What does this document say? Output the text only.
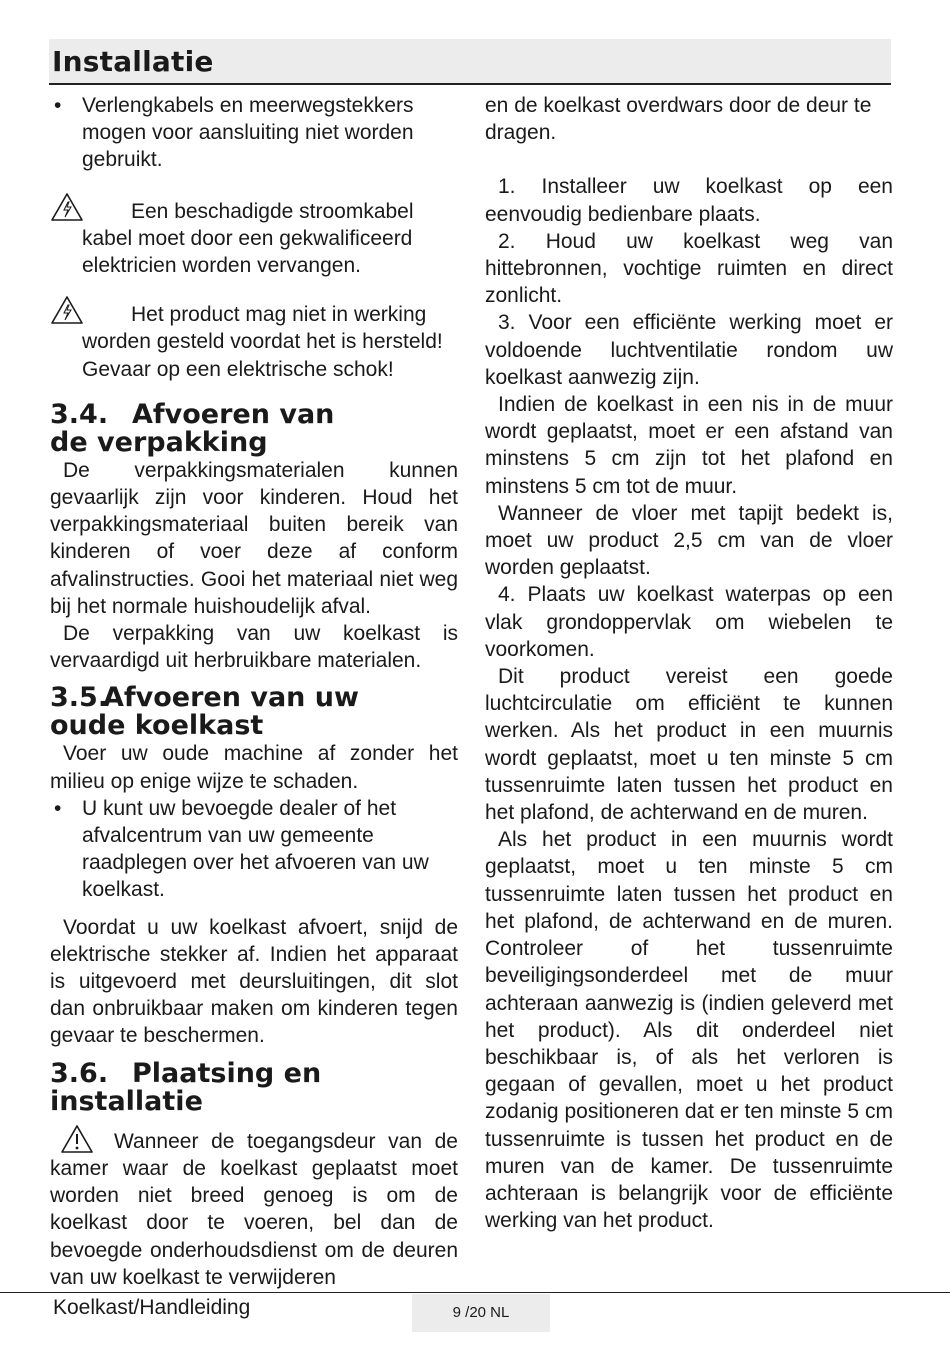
Installatie
• Verlengkabels en meerwegstekkers mogen voor aansluiting niet worden gebruikt.
Een beschadigde stroomkabel kabel moet door een gekwalificeerd elektricien worden vervangen.
Het product mag niet in werking worden gesteld voordat het is hersteld! Gevaar op een elektrische schok!
3.4. Afvoeren van
de verpakking

De verpakkingsmaterialen kunnen gevaarlijk zijn voor kinderen. Houd het verpakkingsmateriaal buiten bereik van kinderen of voer deze af conform afvalinstructies. Gooi het materiaal niet weg bij het normale huishoudelijk afval.

De verpakking van uw koelkast is vervaardigd uit herbruikbare materialen.

3.5.Afvoeren van uw
oude koelkast

Voer uw oude machine af zonder het milieu op enige wijze te schaden.

• U kunt uw bevoegde dealer of het afvalcentrum van uw gemeente raadplegen over het afvoeren van uw koelkast.

Voordat u uw koelkast afvoert, snijd de elektrische stekker af. Indien het apparaat is uitgevoerd met deursluitingen, dit slot dan onbruikbaar maken om kinderen tegen gevaar te beschermen.

3.6. Plaatsing en installatie

Wanneer de toegangsdeur van de kamer waar de koelkast geplaatst moet worden niet breed genoeg is om de koelkast door te voeren, bel dan de bevoegde onderhoudsdienst om de deuren van uw koelkast te verwijderen

en de koelkast overdwars door de deur te dragen.

1. Installeer uw koelkast op een eenvoudig bedienbare plaats.

2. Houd uw koelkast weg van hittebronnen, vochtige ruimten en direct zonlicht.

3. Voor een efficiënte werking moet er voldoende luchtventilatie rondom uw koelkast aanwezig zijn.

Indien de koelkast in een nis in de muur wordt geplaatst, moet er een afstand van minstens 5 cm zijn tot het plafond en minstens 5 cm tot de muur.

Wanneer de vloer met tapijt bedekt is, moet uw product 2,5 cm van de vloer worden geplaatst.

4. Plaats uw koelkast waterpas op een vlak grondoppervlak om wiebelen te voorkomen.

Dit product vereist een goede luchtcirculatie om efficiënt te kunnen werken. Als het product in een muurnis wordt geplaatst, moet u ten minste 5 cm tussenruimte laten tussen het product en het plafond, de achterwand en de muren.

Als het product in een muurnis wordt geplaatst, moet u ten minste 5 cm tussenruimte laten tussen het product en het plafond, de achterwand en de muren. Controleer of het tussenruimte beveiligingsonderdeel met de muur achteraan aanwezig is (indien geleverd met het product). Als dit onderdeel niet beschikbaar is, of als het verloren is gegaan of gevallen, moet u het product zodanig positioneren dat er ten minste 5 cm tussenruimte is tussen het product en de muren van de kamer. De tussenruimte achteraan is belangrijk voor de efficiënte werking van het product.

Koelkast/Handleiding	9 /20 NL
